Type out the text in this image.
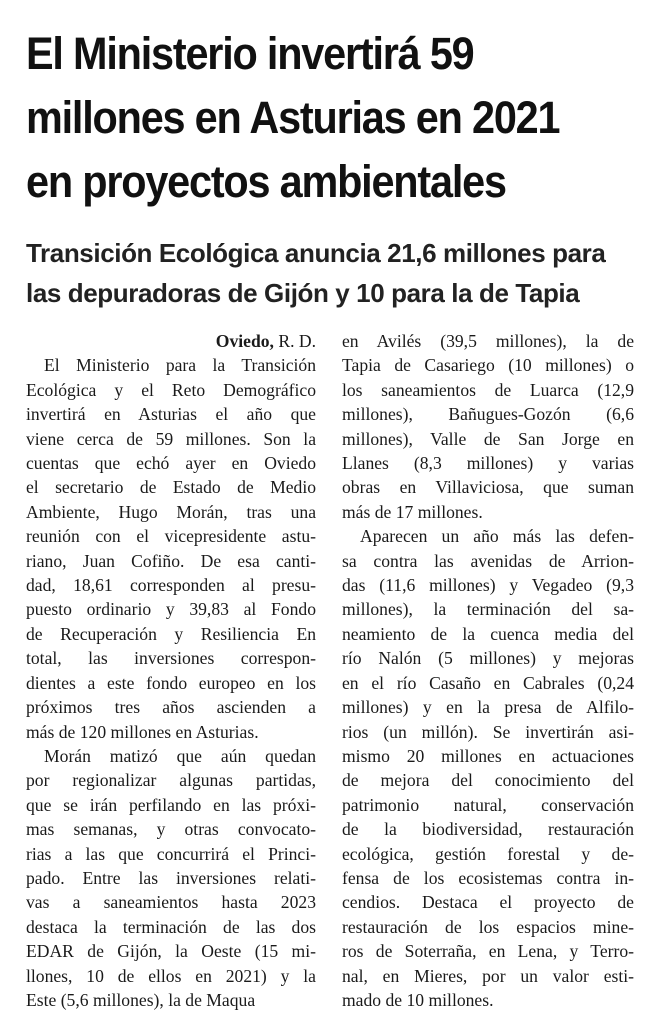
El Ministerio invertirá 59
millones en Asturias en 2021
en proyectos ambientales
Transición Ecológica anuncia 21,6 millones para
las depuradoras de Gijón y 10 para la de Tapia
Oviedo, R. D.
El Ministerio para la Transición
Ecológica y el Reto Demográfico
invertirá en Asturias el año que
viene cerca de 59 millones. Son la
cuentas que echó ayer en Oviedo
el secretario de Estado de Medio
Ambiente, Hugo Morán, tras una
reunión con el vicepresidente astu-
riano, Juan Cofiño. De esa canti-
dad, 18,61 corresponden al presu-
puesto ordinario y 39,83 al Fondo
de Recuperación y Resiliencia En
total, las inversiones correspon-
dientes a este fondo europeo en los
próximos tres años ascienden a
más de 120 millones en Asturias.
Morán matizó que aún quedan
por regionalizar algunas partidas,
que se irán perfilando en las próxi-
mas semanas, y otras convocato-
rias a las que concurrirá el Princi-
pado. Entre las inversiones relati-
vas a saneamientos hasta 2023
destaca la terminación de las dos
EDAR de Gijón, la Oeste (15 mi-
llones, 10 de ellos en 2021) y la
Este (5,6 millones), la de Maqua
en Avilés (39,5 millones), la de
Tapia de Casariego (10 millones) o
los saneamientos de Luarca (12,9
millones), Bañugues-Gozón (6,6
millones), Valle de San Jorge en
Llanes (8,3 millones) y varias
obras en Villaviciosa, que suman
más de 17 millones.
Aparecen un año más las defen-
sa contra las avenidas de Arrion-
das (11,6 millones) y Vegadeo (9,3
millones), la terminación del sa-
neamiento de la cuenca media del
río Nalón (5 millones) y mejoras
en el río Casaño en Cabrales (0,24
millones) y en la presa de Alfilo-
rios (un millón). Se invertirán asi-
mismo 20 millones en actuaciones
de mejora del conocimiento del
patrimonio natural, conservación
de la biodiversidad, restauración
ecológica, gestión forestal y de-
fensa de los ecosistemas contra in-
cendios. Destaca el proyecto de
restauración de los espacios mine-
ros de Soterraña, en Lena, y Terro-
nal, en Mieres, por un valor esti-
mado de 10 millones.
